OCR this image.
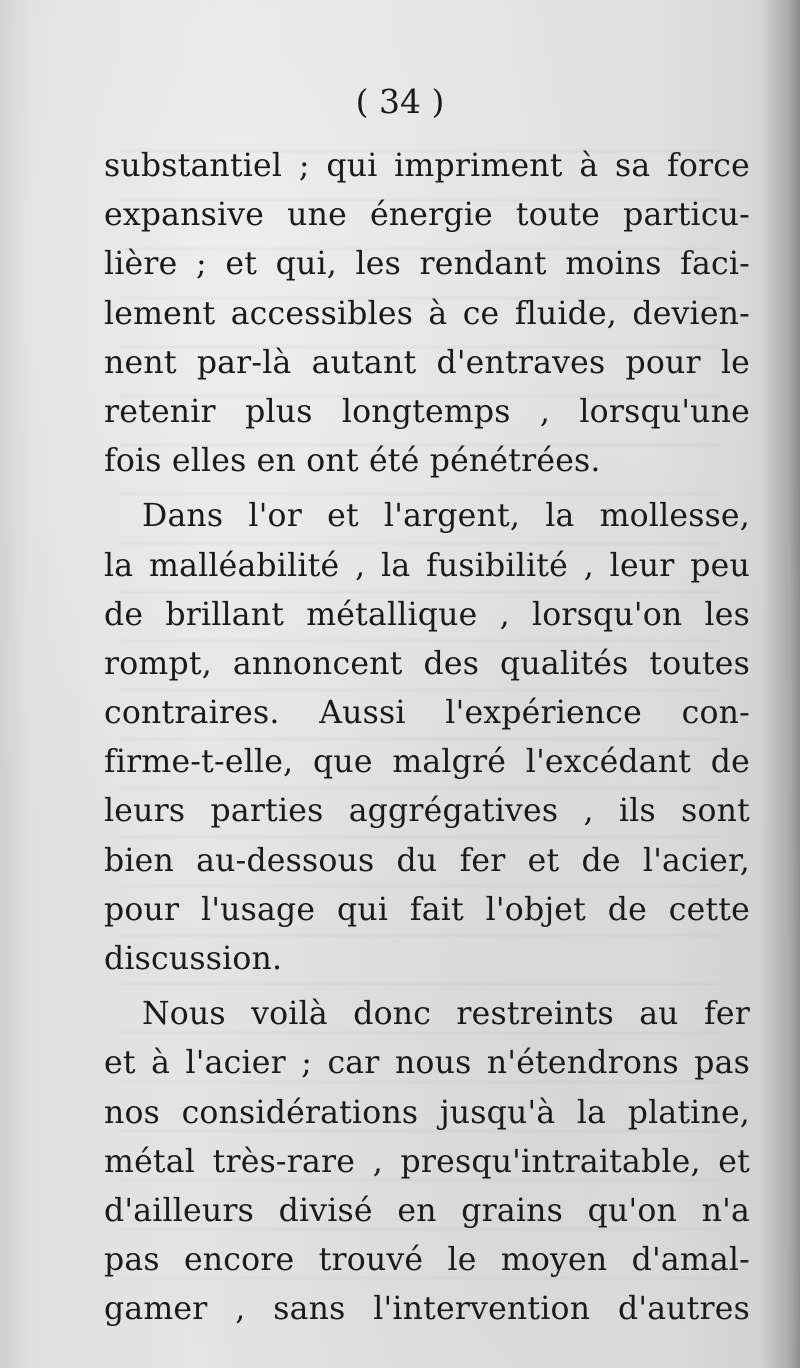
( 34 )
substantiel ; qui impriment à sa force
expansive une énergie toute particu-
lière ; et qui, les rendant moins faci-
lement accessibles à ce fluide, devien-
nent par-là autant d'entraves pour le
retenir plus longtemps , lorsqu'une
fois elles en ont été pénétrées.
Dans l'or et l'argent, la mollesse,
la malléabilité , la fusibilité , leur peu
de brillant métallique , lorsqu'on les
rompt, annoncent des qualités toutes
contraires. Aussi l'expérience con-
firme-t-elle, que malgré l'excédant de
leurs parties aggrégatives , ils sont
bien au-dessous du fer et de l'acier,
pour l'usage qui fait l'objet de cette
discussion.
Nous voilà donc restreints au fer
et à l'acier ; car nous n'étendrons pas
nos considérations jusqu'à la platine,
métal très-rare , presqu'intraitable, et
d'ailleurs divisé en grains qu'on n'a
pas encore trouvé le moyen d'amal-
gamer , sans l'intervention d'autres
